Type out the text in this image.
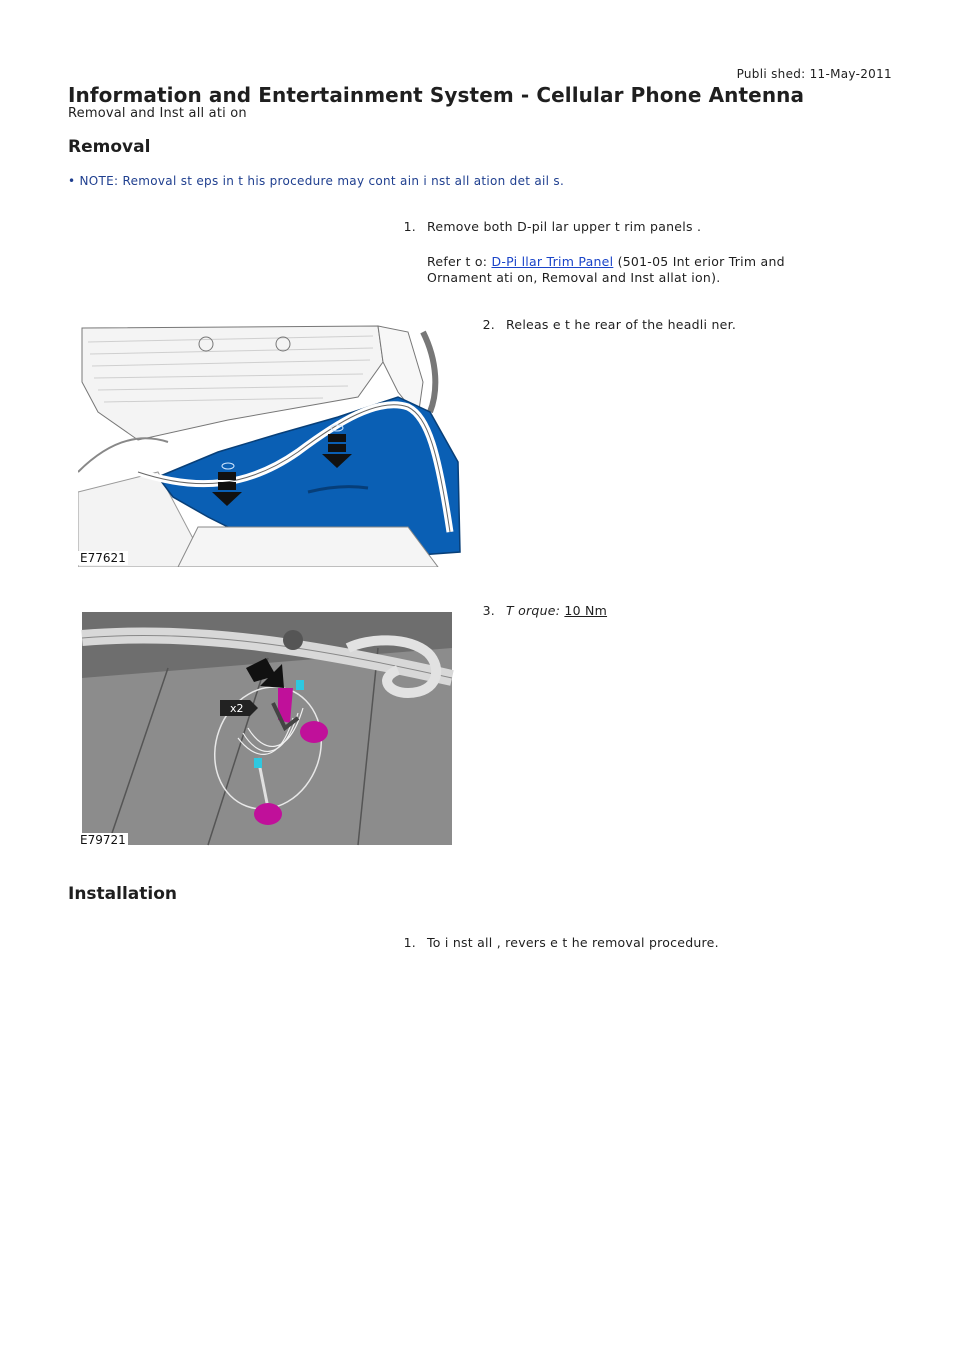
Publi shed: 11-May-2011
Information and Entertainment System - Cellular Phone Antenna
Removal and Inst all ati on
Removal
• NOTE: Removal st eps in t his procedure may cont ain i nst all ation det ail s.
1. Remove both D-pil lar upper t rim panels .
Refer t o: D-Pi llar Trim Panel (501-05 Int erior Trim and
Ornament ati on, Removal and Inst allat ion).
2. Releas e t he rear of the headli ner.
E77621
3. T orque: 10 Nm
x2
E79721
Installation
1. To i nst all , revers e t he removal procedure.
